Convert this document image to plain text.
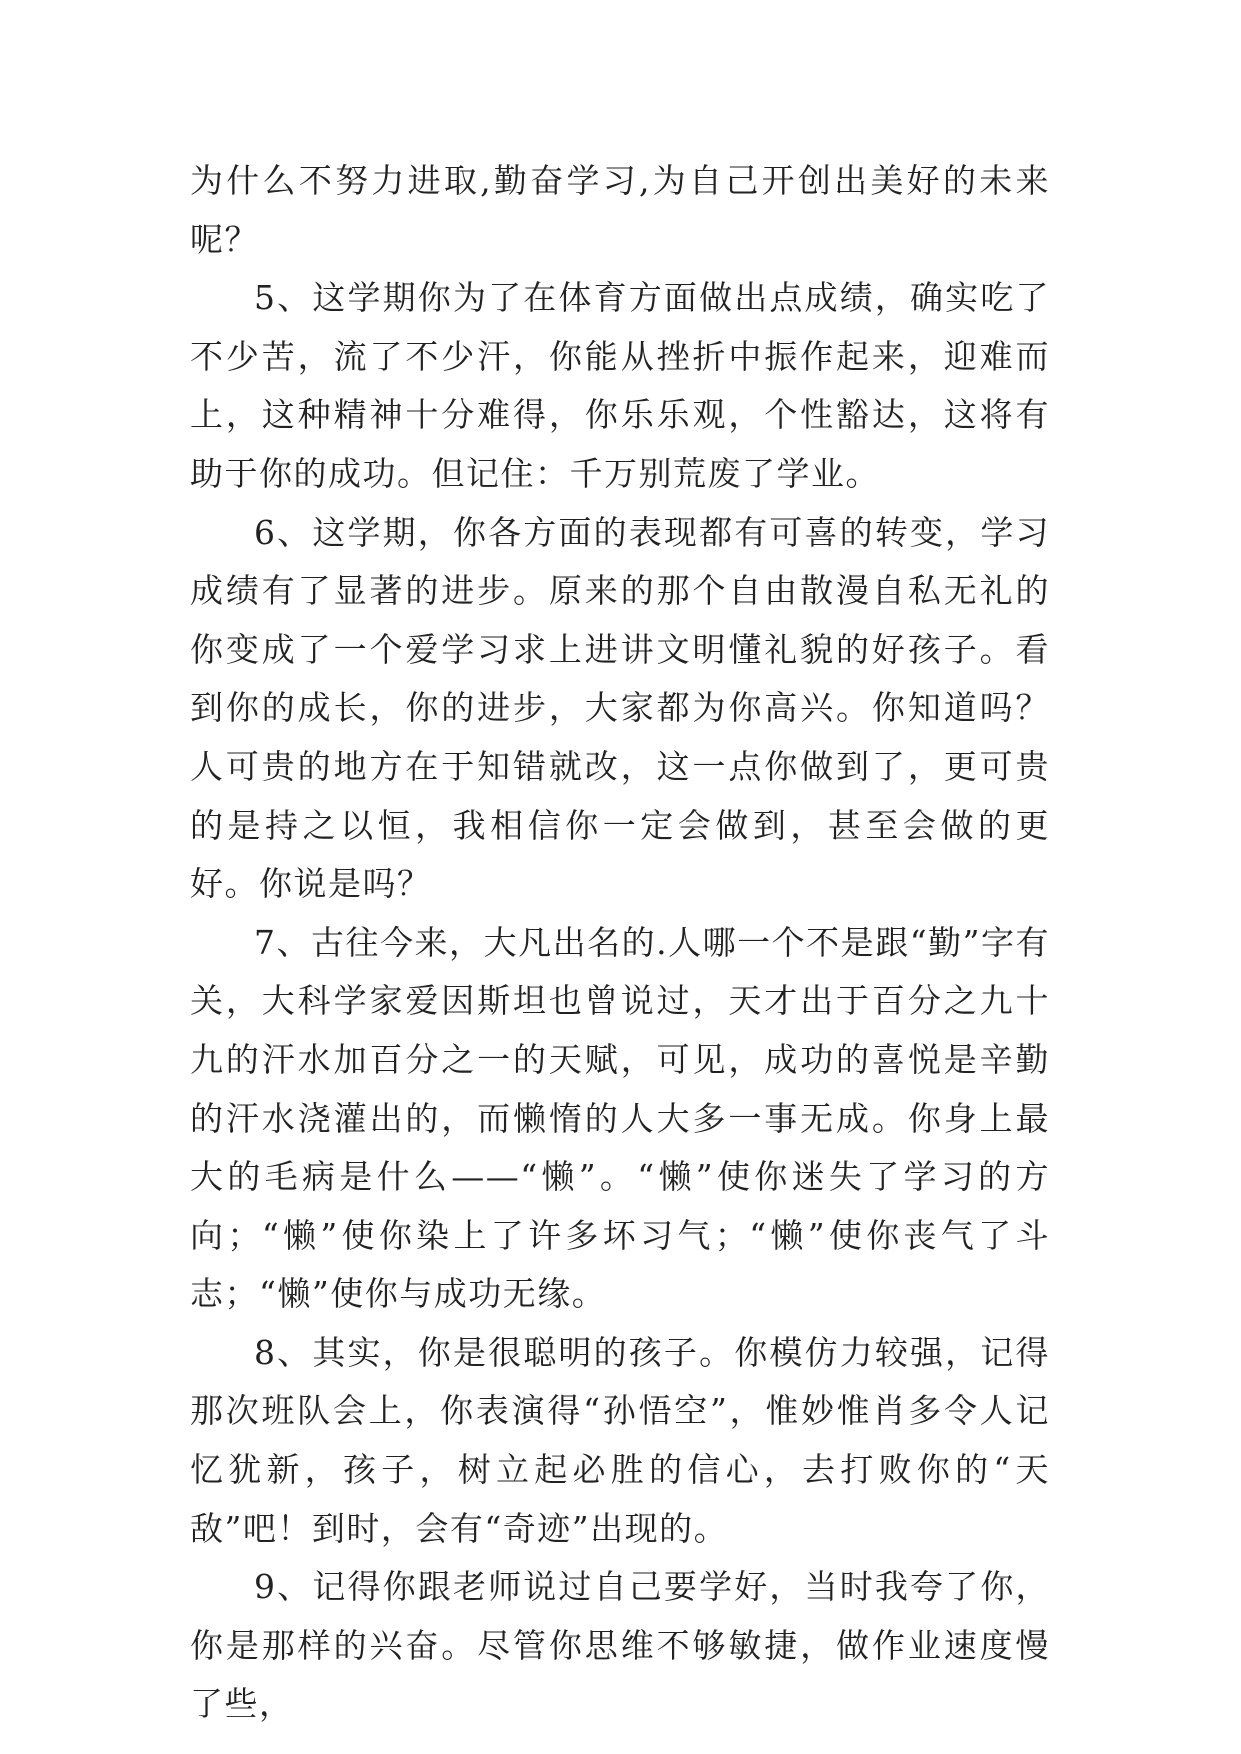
为什么不努力进取,勤奋学习,为自己开创出美好的未来呢？

5、这学期你为了在体育方面做出点成绩，确实吃了不少苦，流了不少汗，你能从挫折中振作起来，迎难而上，这种精神十分难得，你乐乐观，个性豁达，这将有助于你的成功。但记住：千万别荒废了学业。

6、这学期，你各方面的表现都有可喜的转变，学习成绩有了显著的进步。原来的那个自由散漫自私无礼的你变成了一个爱学习求上进讲文明懂礼貌的好孩子。看到你的成长，你的进步，大家都为你高兴。你知道吗？人可贵的地方在于知错就改，这一点你做到了，更可贵的是持之以恒，我相信你一定会做到，甚至会做的更好。你说是吗？

7、古往今来，大凡出名的.人哪一个不是跟“勤”字有关，大科学家爱因斯坦也曾说过，天才出于百分之九十九的汗水加百分之一的天赋，可见，成功的喜悦是辛勤的汗水浇灌出的，而懒惰的人大多一事无成。你身上最大的毛病是什么——“懒”。“懒”使你迷失了学习的方向；“懒”使你染上了许多坏习气；“懒”使你丧气了斗志；“懒”使你与成功无缘。

8、其实，你是很聪明的孩子。你模仿力较强，记得那次班队会上，你表演得“孙悟空”，惟妙惟肖多令人记忆犹新，孩子，树立起必胜的信心，去打败你的“天敌”吧！到时，会有“奇迹”出现的。

9、记得你跟老师说过自己要学好，当时我夸了你，你是那样的兴奋。尽管你思维不够敏捷，做作业速度慢了些，
